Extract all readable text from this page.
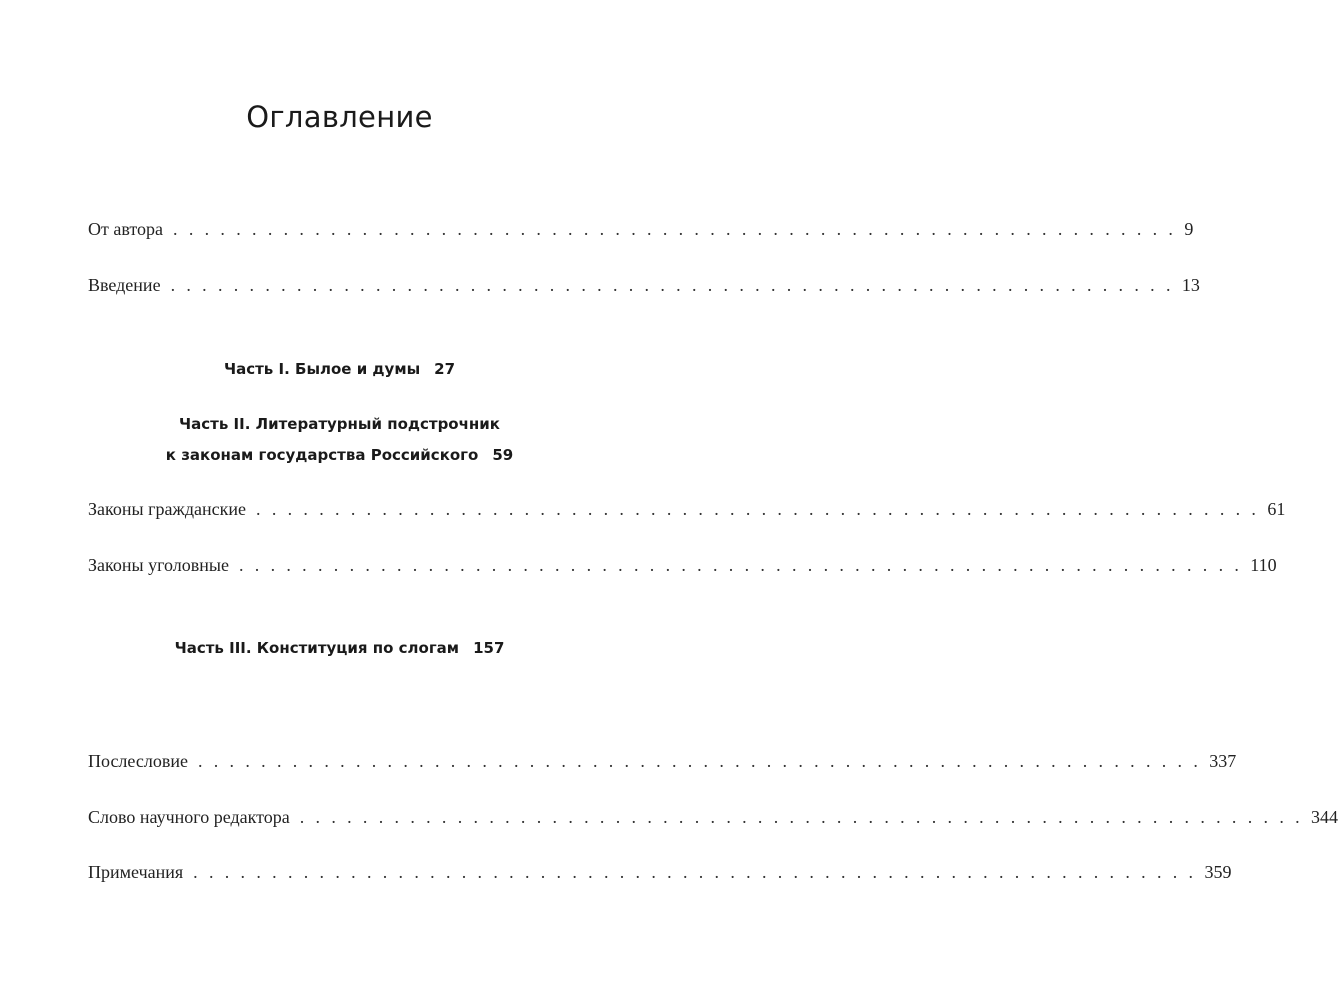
Оглавление
От автора . . . . . . . . . . . . . . . . . . . . . . . . . . . . . . . . . . . . . . . . . . . . . . . . . . . . . . . . . . . . . . . . 9
Введение . . . . . . . . . . . . . . . . . . . . . . . . . . . . . . . . . . . . . . . . . . . . . . . . . . . . . . . . . . . . . . . . 13
Часть I. Былое и думы 27
Часть II. Литературный подстрочник
к законам государства Российского 59
Законы гражданские . . . . . . . . . . . . . . . . . . . . . . . . . . . . . . . . . . . . . . . . . . . . . . . . . . . . . . . . . . . . . . . . 61
Законы уголовные . . . . . . . . . . . . . . . . . . . . . . . . . . . . . . . . . . . . . . . . . . . . . . . . . . . . . . . . . . . . . . . . 110
Часть III. Конституция по слогам 157
Послесловие . . . . . . . . . . . . . . . . . . . . . . . . . . . . . . . . . . . . . . . . . . . . . . . . . . . . . . . . . . . . . . . . 337
Слово научного редактора . . . . . . . . . . . . . . . . . . . . . . . . . . . . . . . . . . . . . . . . . . . . . . . . . . . . . . . . . . . . . . . . 344
Примечания . . . . . . . . . . . . . . . . . . . . . . . . . . . . . . . . . . . . . . . . . . . . . . . . . . . . . . . . . . . . . . . . 359
